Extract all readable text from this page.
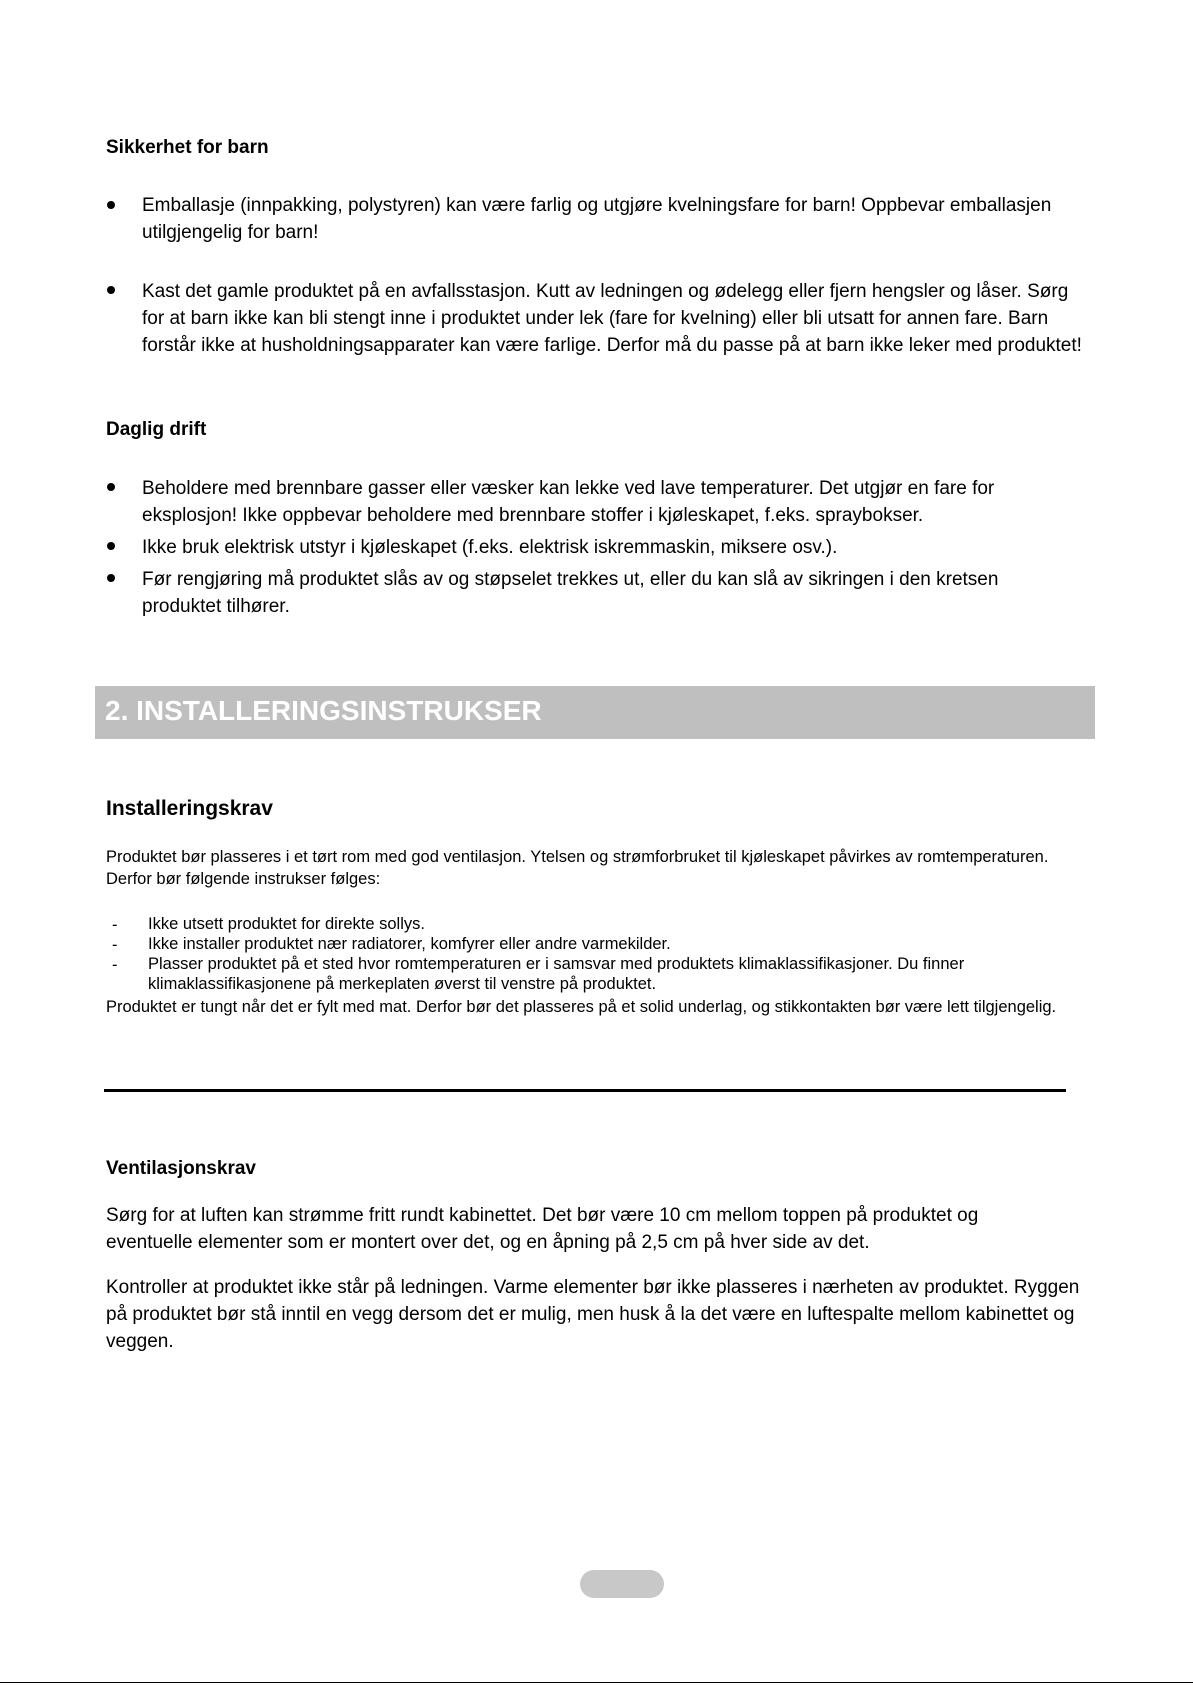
Sikkerhet for barn
Emballasje (innpakking, polystyren) kan være farlig og utgjøre kvelningsfare for barn! Oppbevar emballasjen utilgjengelig for barn!
Kast det gamle produktet på en avfallsstasjon. Kutt av ledningen og ødelegg eller fjern hengsler og låser. Sørg for at barn ikke kan bli stengt inne i produktet under lek (fare for kvelning) eller bli utsatt for annen fare. Barn forstår ikke at husholdningsapparater kan være farlige. Derfor må du passe på at barn ikke leker med produktet!
Daglig drift
Beholdere med brennbare gasser eller væsker kan lekke ved lave temperaturer. Det utgjør en fare for eksplosjon! Ikke oppbevar beholdere med brennbare stoffer i kjøleskapet, f.eks. spraybokser.
Ikke bruk elektrisk utstyr i kjøleskapet (f.eks. elektrisk iskremmaskin, miksere osv.).
Før rengjøring må produktet slås av og støpselet trekkes ut, eller du kan slå av sikringen i den kretsen produktet tilhører.
2. INSTALLERINGSINSTRUKSER
Installeringskrav
Produktet bør plasseres i et tørt rom med god ventilasjon. Ytelsen og strømforbruket til kjøleskapet påvirkes av romtemperaturen. Derfor bør følgende instrukser følges:
- Ikke utsett produktet for direkte sollys.
- Ikke installer produktet nær radiatorer, komfyrer eller andre varmekilder.
- Plasser produktet på et sted hvor romtemperaturen er i samsvar med produktets klimaklassifikasjoner. Du finner klimaklassifikasjonene på merkeplaten øverst til venstre på produktet.
Produktet er tungt når det er fylt med mat. Derfor bør det plasseres på et solid underlag, og stikkontakten bør være lett tilgjengelig.
Ventilasjonskrav
Sørg for at luften kan strømme fritt rundt kabinettet. Det bør være 10 cm mellom toppen på produktet og eventuelle elementer som er montert over det, og en åpning på 2,5 cm på hver side av det.
Kontroller at produktet ikke står på ledningen. Varme elementer bør ikke plasseres i nærheten av produktet. Ryggen på produktet bør stå inntil en vegg dersom det er mulig, men husk å la det være en luftespalte mellom kabinettet og veggen.
